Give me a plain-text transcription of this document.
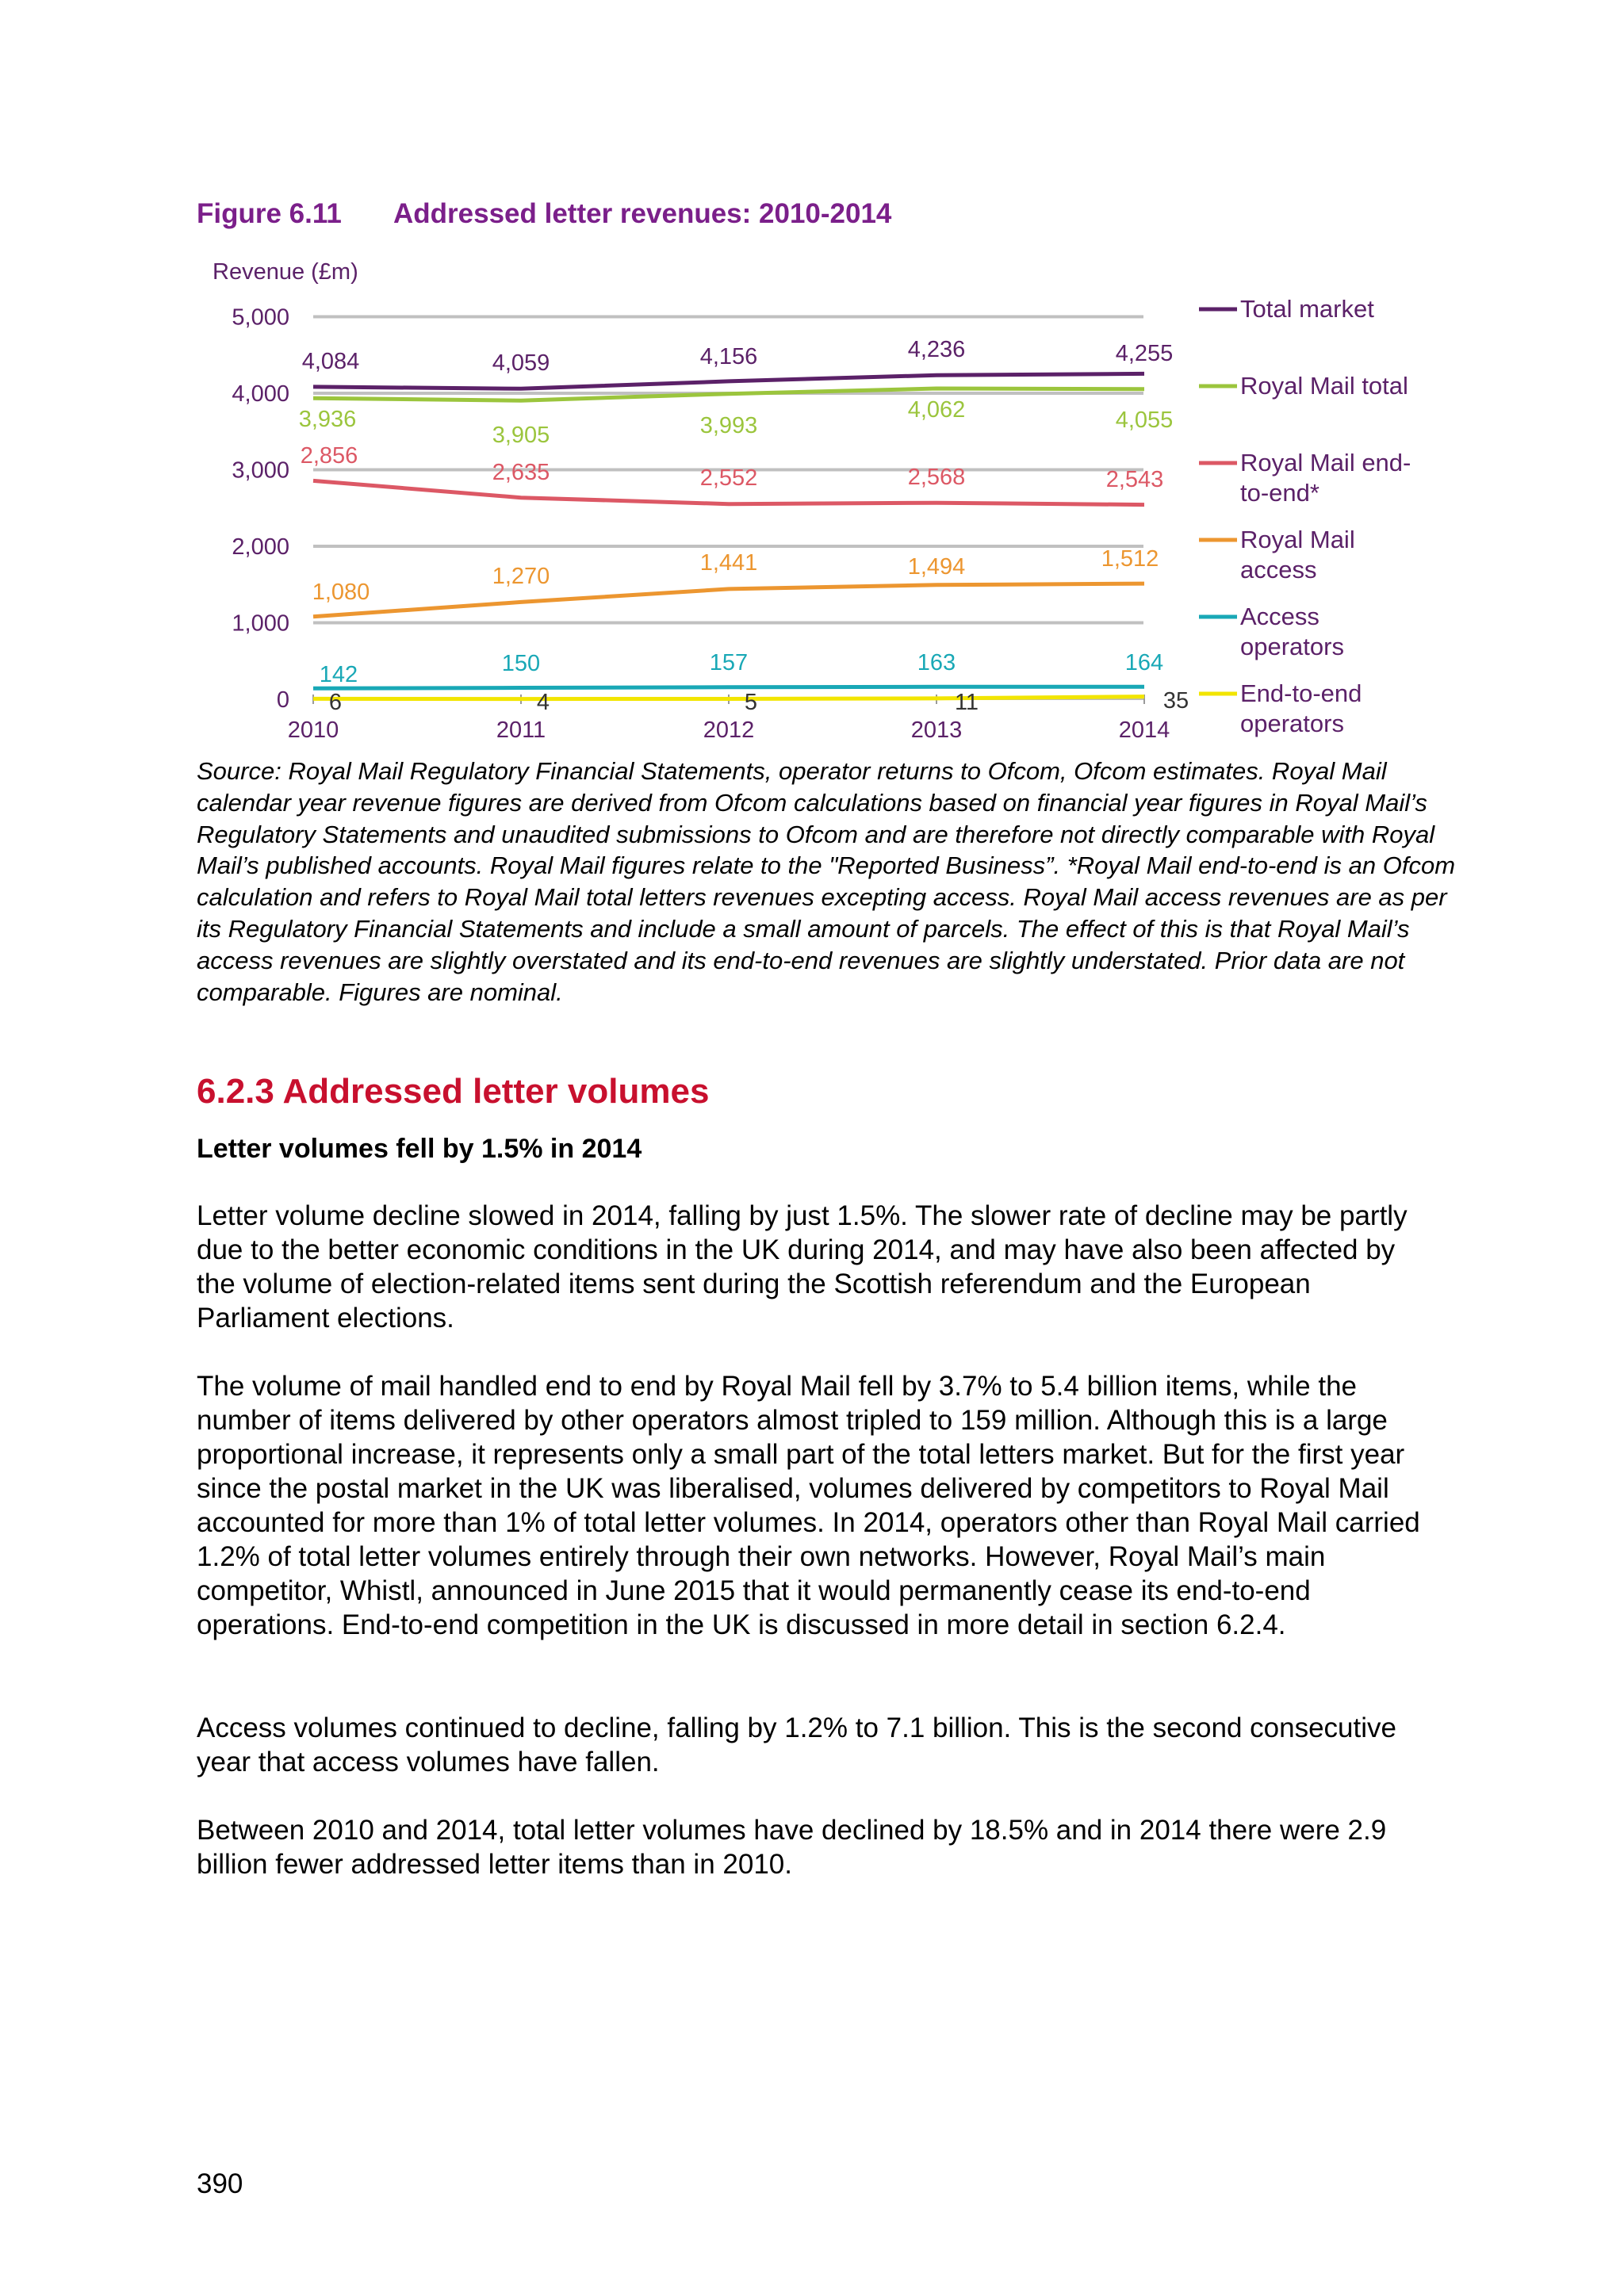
Figure 6.11 Addressed letter revenues: 2010-2014
Revenue (£m)
0
1,000
2,000
3,000
4,000
5,000
2010	2011	2012	2013	2014
4,084	4,059	4,156	4,236	4,255
3,936
3,905	3,993
4,062	4,055
2,856
2,635	2,552	2,568	2,543
1,080
1,270
1,441	1,494	1,512
142	150	157	163	164
6	4	5	11	35
Total market
Royal Mail total
Royal Mail end-
to-end*
Royal Mail
access
Access
operators
End-to-end
operators
Source: Royal Mail Regulatory Financial Statements, operator returns to Ofcom, Ofcom estimates. Royal Mail calendar year revenue figures are derived from Ofcom calculations based on financial year figures in Royal Mail’s Regulatory Statements and unaudited submissions to Ofcom and are therefore not directly comparable with Royal Mail’s published accounts. Royal Mail figures relate to the "Reported Business”. *Royal Mail end-to-end is an Ofcom calculation and refers to Royal Mail total letters revenues excepting access. Royal Mail access revenues are as per its Regulatory Financial Statements and include a small amount of parcels. The effect of this is that Royal Mail’s access revenues are slightly overstated and its end-to-end revenues are slightly understated. Prior data are not comparable. Figures are nominal.
6.2.3 Addressed letter volumes
Letter volumes fell by 1.5% in 2014

Letter volume decline slowed in 2014, falling by just 1.5%. The slower rate of decline may be partly due to the better economic conditions in the UK during 2014, and may have also been affected by the volume of election-related items sent during the Scottish referendum and the European Parliament elections.

The volume of mail handled end to end by Royal Mail fell by 3.7% to 5.4 billion items, while the number of items delivered by other operators almost tripled to 159 million. Although this is a large proportional increase, it represents only a small part of the total letters market. But for the first year since the postal market in the UK was liberalised, volumes delivered by competitors to Royal Mail accounted for more than 1% of total letter volumes. In 2014, operators other than Royal Mail carried 1.2% of total letter volumes entirely through their own networks. However, Royal Mail’s main competitor, Whistl, announced in June 2015 that it would permanently cease its end-to-end operations. End-to-end competition in the UK is discussed in more detail in section 6.2.4.

Access volumes continued to decline, falling by 1.2% to 7.1 billion. This is the second consecutive year that access volumes have fallen.

Between 2010 and 2014, total letter volumes have declined by 18.5% and in 2014 there were 2.9 billion fewer addressed letter items than in 2010.

390
